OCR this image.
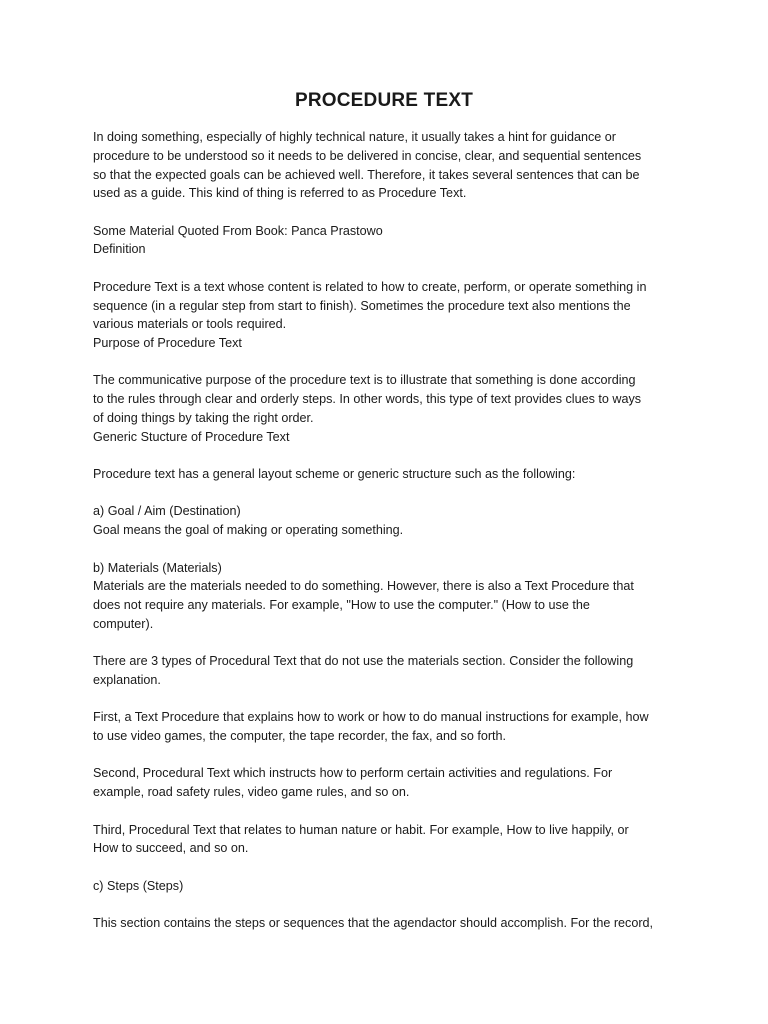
PROCEDURE TEXT

In doing something, especially of highly technical nature, it usually takes a hint for guidance or

procedure to be understood so it needs to be delivered in concise, clear, and sequential sentences

so that the expected goals can be achieved well. Therefore, it takes several sentences that can be

used as a guide. This kind of thing is referred to as Procedure Text.

Some Material Quoted From Book: Panca Prastowo

Definition

Procedure Text is a text whose content is related to how to create, perform, or operate something in

sequence (in a regular step from start to finish). Sometimes the procedure text also mentions the

various materials or tools required.

Purpose of Procedure Text

The communicative purpose of the procedure text is to illustrate that something is done according

to the rules through clear and orderly steps. In other words, this type of text provides clues to ways

of doing things by taking the right order.

Generic Stucture of Procedure Text

Procedure text has a general layout scheme or generic structure such as the following:

a) Goal / Aim (Destination)

Goal means the goal of making or operating something.

b) Materials (Materials)

Materials are the materials needed to do something. However, there is also a Text Procedure that

does not require any materials. For example, "How to use the computer." (How to use the

computer).

There are 3 types of Procedural Text that do not use the materials section. Consider the following

explanation.

First, a Text Procedure that explains how to work or how to do manual instructions for example, how

to use video games, the computer, the tape recorder, the fax, and so forth.

Second, Procedural Text which instructs how to perform certain activities and regulations. For

example, road safety rules, video game rules, and so on.

Third, Procedural Text that relates to human nature or habit. For example, How to live happily, or

How to succeed, and so on.

c) Steps (Steps)

This section contains the steps or sequences that the agendactor should accomplish. For the record,
